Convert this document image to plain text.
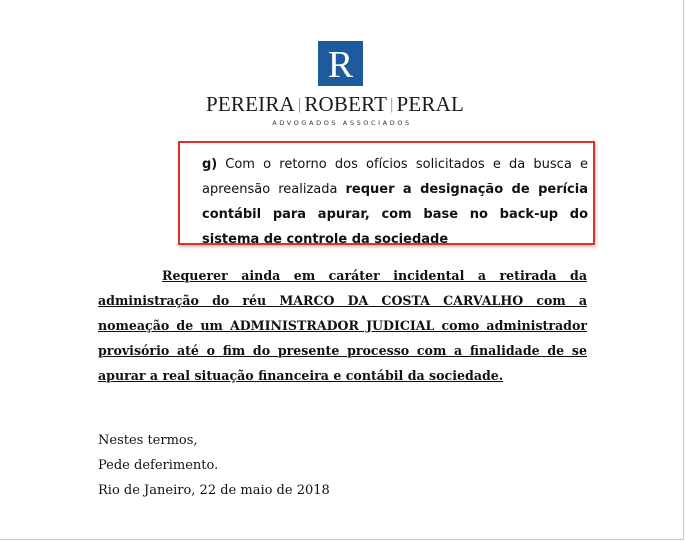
R
PEREIRA | ROBERT | PERAL
ADVOGADOS ASSOCIADOS
g) Com o retorno dos ofícios solicitados e da busca e apreensão realizada requer a designação de perícia contábil para apurar, com base no back-up do sistema de controle da sociedade
Requerer ainda em caráter incidental a retirada da administração do réu MARCO DA COSTA CARVALHO com a nomeação de um ADMINISTRADOR JUDICIAL como administrador provisório até o fim do presente processo com a finalidade de se apurar a real situação financeira e contábil da sociedade.
Nestes termos,
Pede deferimento.
Rio de Janeiro, 22 de maio de 2018
